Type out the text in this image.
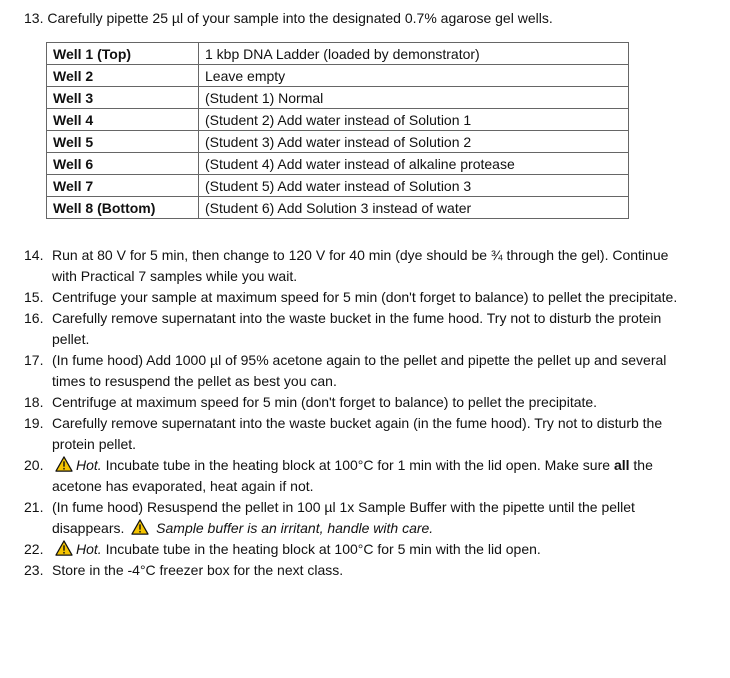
13. Carefully pipette 25 µl of your sample into the designated 0.7% agarose gel wells.
Well 1 (Top)	1 kbp DNA Ladder (loaded by demonstrator)
Well 2	Leave empty
Well 3	(Student 1) Normal
Well 4	(Student 2) Add water instead of Solution 1
Well 5	(Student 3) Add water instead of Solution 2
Well 6	(Student 4) Add water instead of alkaline protease
Well 7	(Student 5) Add water instead of Solution 3
Well 8 (Bottom)	(Student 6) Add Solution 3 instead of water
14. Run at 80 V for 5 min, then change to 120 V for 40 min (dye should be ¾ through the gel). Continue with Practical 7 samples while you wait.
15. Centrifuge your sample at maximum speed for 5 min (don't forget to balance) to pellet the precipitate.
16. Carefully remove supernatant into the waste bucket in the fume hood. Try not to disturb the protein pellet.
17. (In fume hood) Add 1000 µl of 95% acetone again to the pellet and pipette the pellet up and several times to resuspend the pellet as best you can.
18. Centrifuge at maximum speed for 5 min (don't forget to balance) to pellet the precipitate.
19. Carefully remove supernatant into the waste bucket again (in the fume hood). Try not to disturb the protein pellet.
20. Hot. Incubate tube in the heating block at 100°C for 1 min with the lid open. Make sure all the acetone has evaporated, heat again if not.
21. (In fume hood) Resuspend the pellet in 100 µl 1x Sample Buffer with the pipette until the pellet disappears.  Sample buffer is an irritant, handle with care.
22. Hot. Incubate tube in the heating block at 100°C for 5 min with the lid open.
23. Store in the -4°C freezer box for the next class.
